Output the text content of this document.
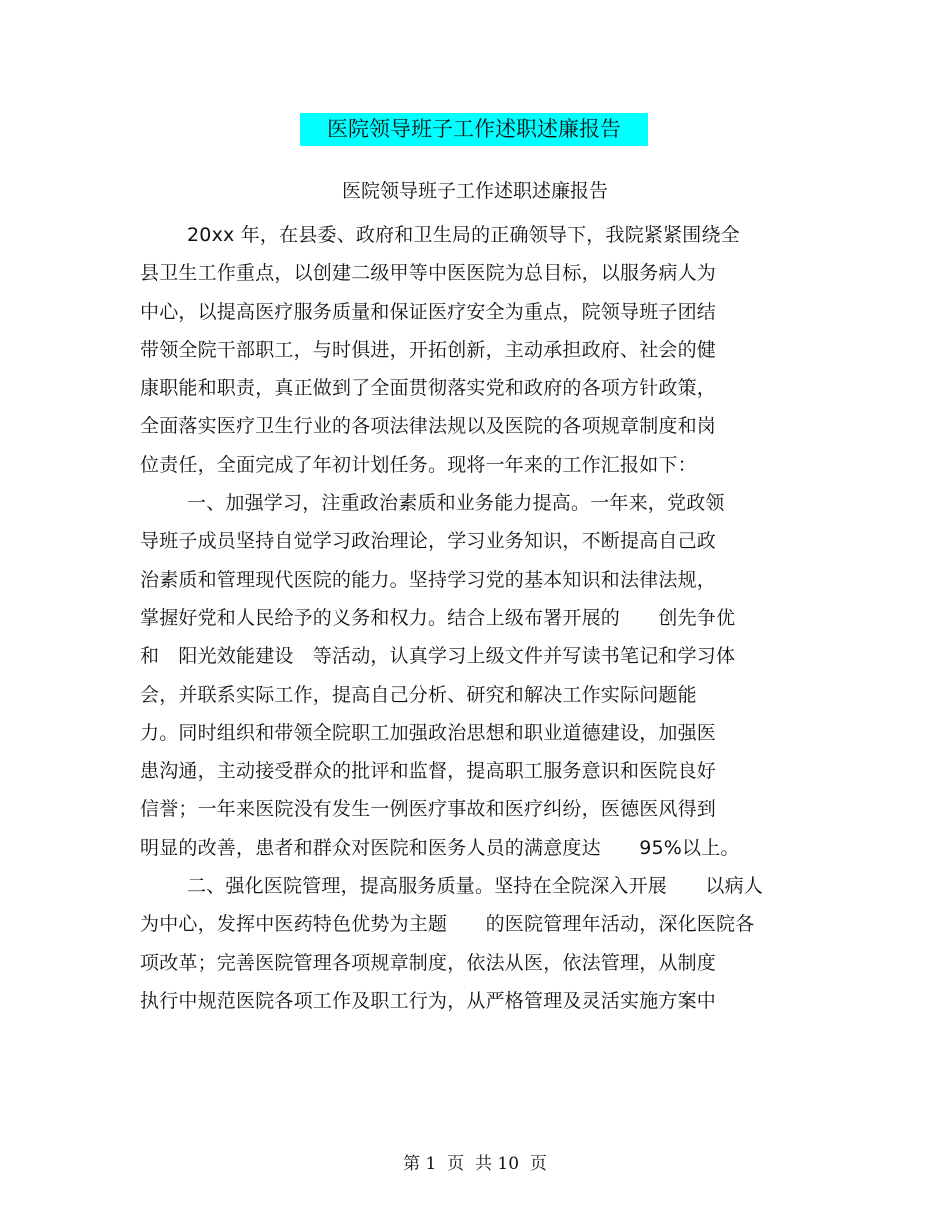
医院领导班子工作述职述廉报告
医院领导班子工作述职述廉报告
20xx 年，在县委、政府和卫生局的正确领导下，我院紧紧围绕全
县卫生工作重点，以创建二级甲等中医医院为总目标，以服务病人为
中心，以提高医疗服务质量和保证医疗安全为重点，院领导班子团结
带领全院干部职工，与时俱进，开拓创新，主动承担政府、社会的健
康职能和职责，真正做到了全面贯彻落实党和政府的各项方针政策，
全面落实医疗卫生行业的各项法律法规以及医院的各项规章制度和岗
位责任，全面完成了年初计划任务。现将一年来的工作汇报如下：
一、加强学习，注重政治素质和业务能力提高。一年来，党政领
导班子成员坚持自觉学习政治理论，学习业务知识，不断提高自己政
治素质和管理现代医院的能力。坚持学习党的基本知识和法律法规，
掌握好党和人民给予的义务和权力。结合上级布署开展的　　创先争优
和　阳光效能建设　等活动，认真学习上级文件并写读书笔记和学习体
会，并联系实际工作，提高自己分析、研究和解决工作实际问题能
力。同时组织和带领全院职工加强政治思想和职业道德建设，加强医
患沟通，主动接受群众的批评和监督，提高职工服务意识和医院良好
信誉；一年来医院没有发生一例医疗事故和医疗纠纷，医德医风得到
明显的改善，患者和群众对医院和医务人员的满意度达　　95%以上。
二、强化医院管理，提高服务质量。坚持在全院深入开展　　以病人
为中心，发挥中医药特色优势为主题　　的医院管理年活动，深化医院各
项改革；完善医院管理各项规章制度，依法从医，依法管理，从制度
执行中规范医院各项工作及职工行为，从严格管理及灵活实施方案中
第 1  页  共 10  页
